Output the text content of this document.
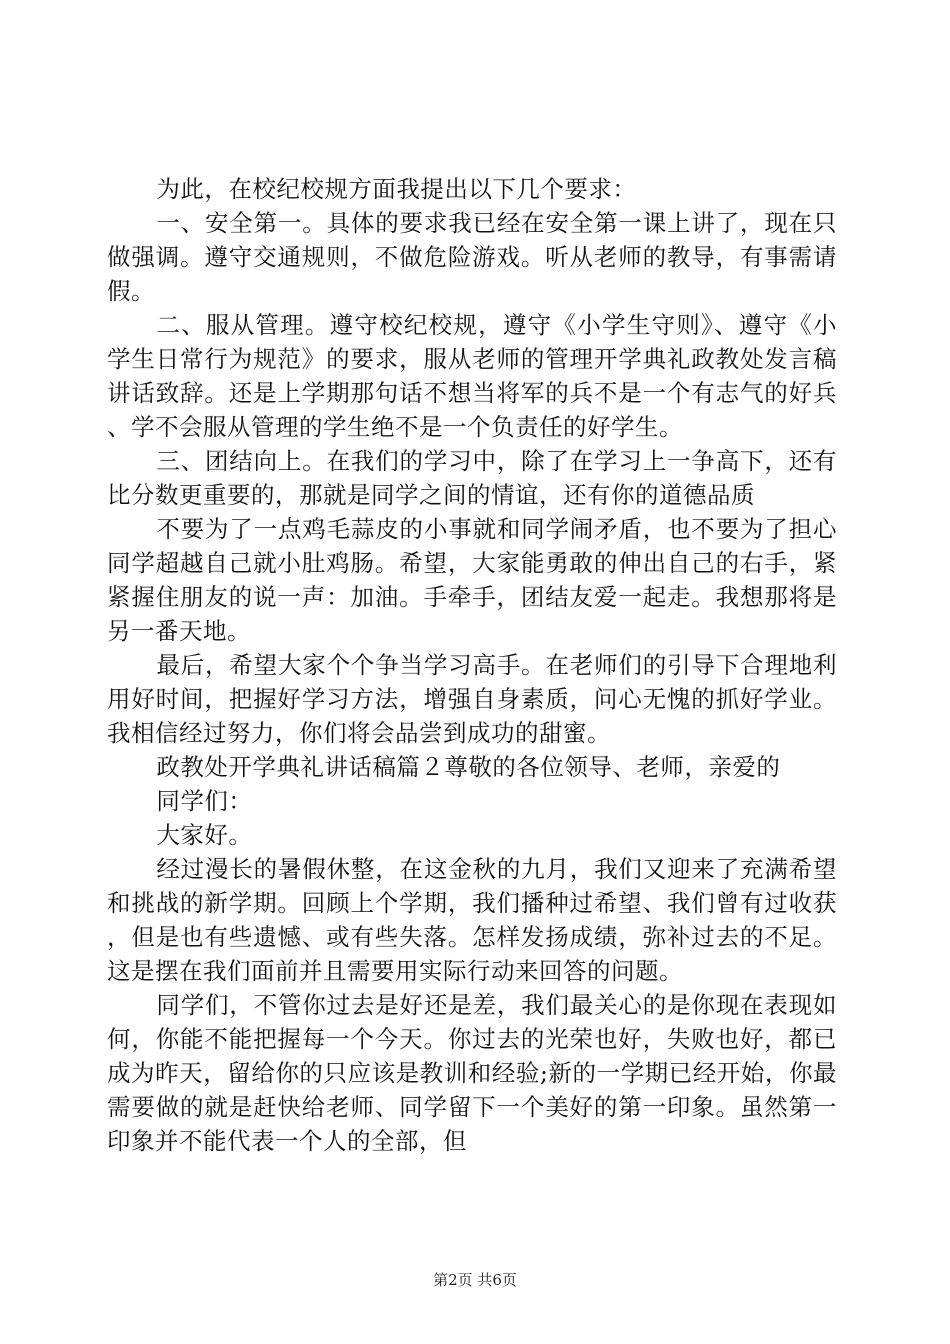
为此，在校纪校规方面我提出以下几个要求：

一、安全第一。具体的要求我已经在安全第一课上讲了，现在只做强调。遵守交通规则，不做危险游戏。听从老师的教导，有事需请假。

二、服从管理。遵守校纪校规，遵守《小学生守则》、遵守《小学生日常行为规范》的要求，服从老师的管理开学典礼政教处发言稿讲话致辞。还是上学期那句话不想当将军的兵不是一个有志气的好兵、学不会服从管理的学生绝不是一个负责任的好学生。

三、团结向上。在我们的学习中，除了在学习上一争高下，还有比分数更重要的，那就是同学之间的情谊，还有你的道德品质

不要为了一点鸡毛蒜皮的小事就和同学闹矛盾，也不要为了担心同学超越自己就小肚鸡肠。希望，大家能勇敢的伸出自己的右手，紧紧握住朋友的说一声：加油。手牵手，团结友爱一起走。我想那将是另一番天地。

最后，希望大家个个争当学习高手。在老师们的引导下合理地利用好时间，把握好学习方法，增强自身素质，问心无愧的抓好学业。我相信经过努力，你们将会品尝到成功的甜蜜。

政教处开学典礼讲话稿篇２尊敬的各位领导、老师，亲爱的

同学们：

大家好。

经过漫长的暑假休整，在这金秋的九月，我们又迎来了充满希望和挑战的新学期。回顾上个学期，我们播种过希望、我们曾有过收获，但是也有些遗憾、或有些失落。怎样发扬成绩，弥补过去的不足。这是摆在我们面前并且需要用实际行动来回答的问题。

同学们，不管你过去是好还是差，我们最关心的是你现在表现如何，你能不能把握每一个今天。你过去的光荣也好，失败也好，都已成为昨天，留给你的只应该是教训和经验;新的一学期已经开始，你最需要做的就是赶快给老师、同学留下一个美好的第一印象。虽然第一印象并不能代表一个人的全部，但

第2页 共6页
